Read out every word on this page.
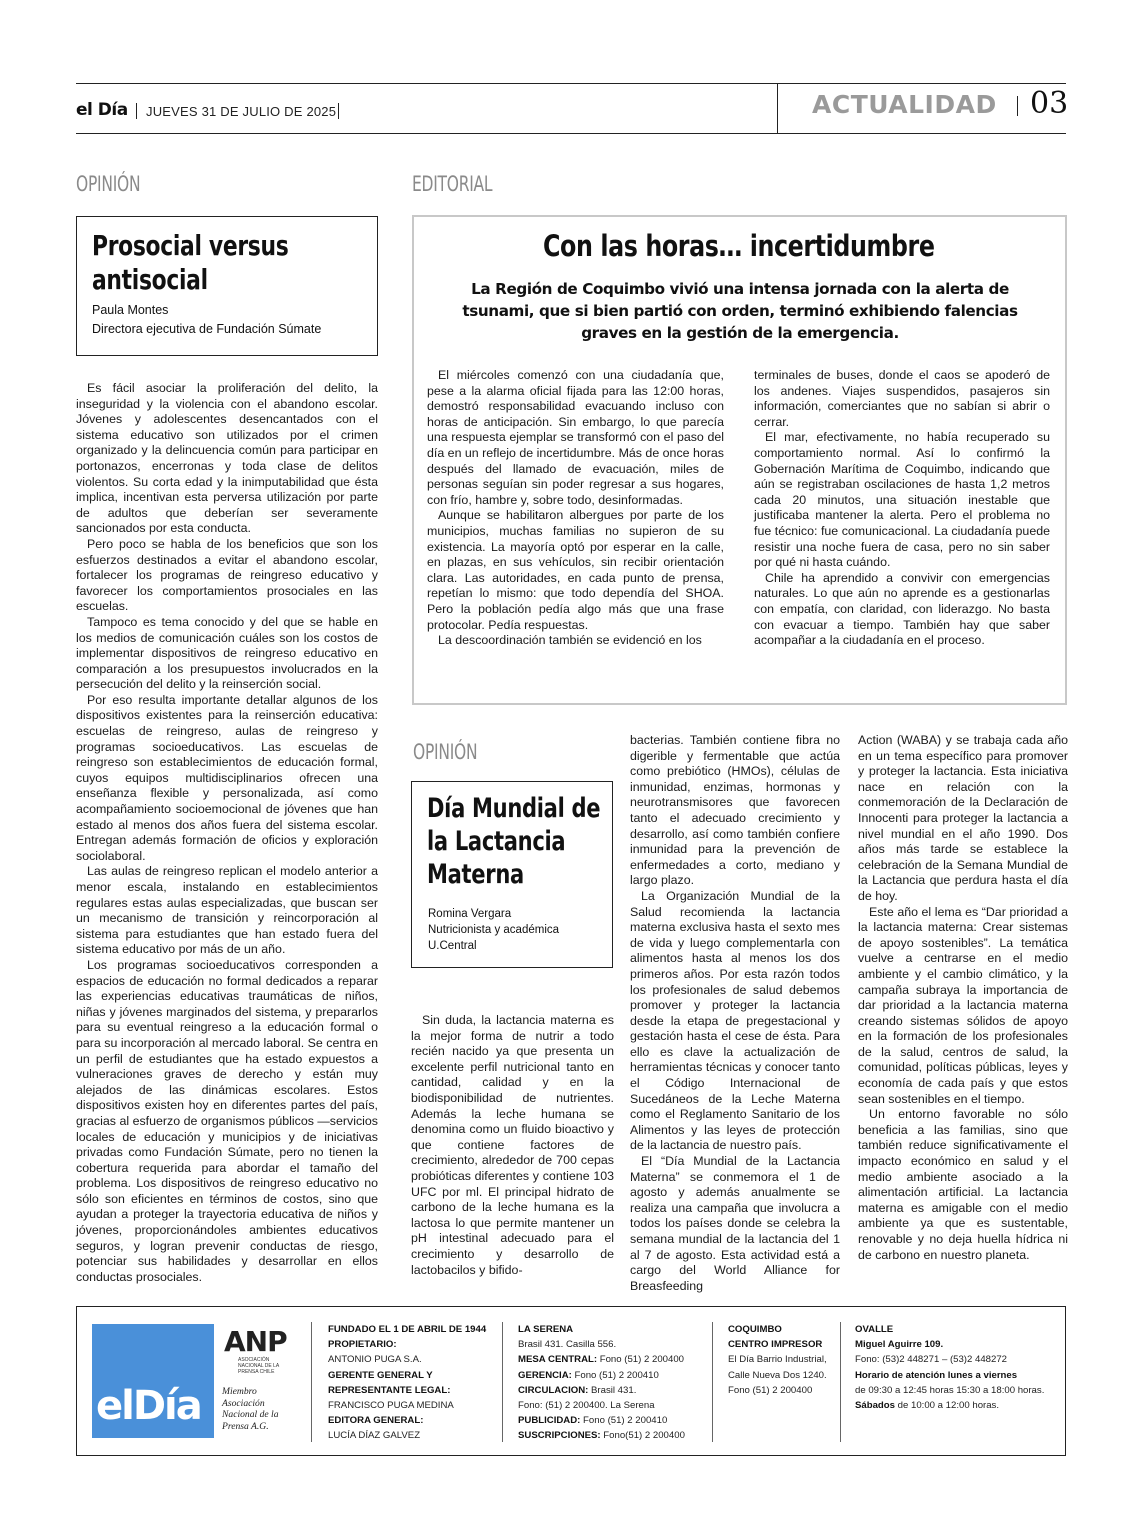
el Día JUEVES 31 DE JULIO DE 2025	ACTUALIDAD 03
OPINIÓN
Prosocial versus antisocial
Paula Montes
Directora ejecutiva de Fundación Súmate

Es fácil asociar la proliferación del delito, la inseguridad y la violencia con el abandono escolar. Jóvenes y adolescentes desencantados con el sistema educativo son utilizados por el crimen organizado y la delincuencia común para participar en portonazos, encerronas y toda clase de delitos violentos. Su corta edad y la inimputabilidad que ésta implica, incentivan esta perversa utilización por parte de adultos que deberían ser severamente sancionados por esta conducta.

Pero poco se habla de los beneficios que son los esfuerzos destinados a evitar el abandono escolar, fortalecer los programas de reingreso educativo y favorecer los comportamientos prosociales en las escuelas.

Tampoco es tema conocido y del que se hable en los medios de comunicación cuáles son los costos de implementar dispositivos de reingreso educativo en comparación a los presupuestos involucrados en la persecución del delito y la reinserción social.

Por eso resulta importante detallar algunos de los dispositivos existentes para la reinserción educativa: escuelas de reingreso, aulas de reingreso y programas socioeducativos. Las escuelas de reingreso son establecimientos de educación formal, cuyos equipos multidisciplinarios ofrecen una enseñanza flexible y personalizada, así como acompañamiento socioemocional de jóvenes que han estado al menos dos años fuera del sistema escolar. Entregan además formación de oficios y exploración sociolaboral.

Las aulas de reingreso replican el modelo anterior a menor escala, instalando en establecimientos regulares estas aulas especializadas, que buscan ser un mecanismo de transición y reincorporación al sistema para estudiantes que han estado fuera del sistema educativo por más de un año.

Los programas socioeducativos corresponden a espacios de educación no formal dedicados a reparar las experiencias educativas traumáticas de niños, niñas y jóvenes marginados del sistema, y prepararlos para su eventual reingreso a la educación formal o para su incorporación al mercado laboral. Se centra en un perfil de estudiantes que ha estado expuestos a vulneraciones graves de derecho y están muy alejados de las dinámicas escolares. Estos dispositivos existen hoy en diferentes partes del país, gracias al esfuerzo de organismos públicos —servicios locales de educación y municipios y de iniciativas privadas como Fundación Súmate, pero no tienen la cobertura requerida para abordar el tamaño del problema. Los dispositivos de reingreso educativo no sólo son eficientes en términos de costos, sino que ayudan a proteger la trayectoria educativa de niños y jóvenes, proporcionándoles ambientes educativos seguros, y logran prevenir conductas de riesgo, potenciar sus habilidades y desarrollar en ellos conductas prosociales.

EDITORIAL
Con las horas… incertidumbre
La Región de Coquimbo vivió una intensa jornada con la alerta de tsunami, que si bien partió con orden, terminó exhibiendo falencias graves en la gestión de la emergencia.

El miércoles comenzó con una ciudadanía que, pese a la alarma oficial fijada para las 12:00 horas, demostró responsabilidad evacuando incluso con horas de anticipación. Sin embargo, lo que parecía una respuesta ejemplar se transformó con el paso del día en un reflejo de incertidumbre. Más de once horas después del llamado de evacuación, miles de personas seguían sin poder regresar a sus hogares, con frío, hambre y, sobre todo, desinformadas.

Aunque se habilitaron albergues por parte de los municipios, muchas familias no supieron de su existencia. La mayoría optó por esperar en la calle, en plazas, en sus vehículos, sin recibir orientación clara. Las autoridades, en cada punto de prensa, repetían lo mismo: que todo dependía del SHOA. Pero la población pedía algo más que una frase protocolar. Pedía respuestas.

La descoordinación también se evidenció en los

terminales de buses, donde el caos se apoderó de los andenes. Viajes suspendidos, pasajeros sin información, comerciantes que no sabían si abrir o cerrar.

El mar, efectivamente, no había recuperado su comportamiento normal. Así lo confirmó la Gobernación Marítima de Coquimbo, indicando que aún se registraban oscilaciones de hasta 1,2 metros cada 20 minutos, una situación inestable que justificaba mantener la alerta. Pero el problema no fue técnico: fue comunicacional. La ciudadanía puede resistir una noche fuera de casa, pero no sin saber por qué ni hasta cuándo.

Chile ha aprendido a convivir con emergencias naturales. Lo que aún no aprende es a gestionarlas con empatía, con claridad, con liderazgo. No basta con evacuar a tiempo. También hay que saber acompañar a la ciudadanía en el proceso.

OPINIÓN
Día Mundial de la Lactancia Materna
Romina Vergara
Nutricionista y académica U.Central

Sin duda, la lactancia materna es la mejor forma de nutrir a todo recién nacido ya que presenta un excelente perfil nutricional tanto en cantidad, calidad y en la biodisponibilidad de nutrientes. Además la leche humana se denomina como un fluido bioactivo y que contiene factores de crecimiento, alrededor de 700 cepas probióticas diferentes y contiene 103 UFC por ml. El principal hidrato de carbono de la leche humana es la lactosa lo que permite mantener un pH intestinal adecuado para el crecimiento y desarrollo de lactobacilos y bifido-

bacterias. También contiene fibra no digerible y fermentable que actúa como prebiótico (HMOs), células de inmunidad, enzimas, hormonas y neurotransmisores que favorecen tanto el adecuado crecimiento y desarrollo, así como también confiere inmunidad para la prevención de enfermedades a corto, mediano y largo plazo.

La Organización Mundial de la Salud recomienda la lactancia materna exclusiva hasta el sexto mes de vida y luego complementarla con alimentos hasta al menos los dos primeros años. Por esta razón todos los profesionales de salud debemos promover y proteger la lactancia desde la etapa de pregestacional y gestación hasta el cese de ésta. Para ello es clave la actualización de herramientas técnicas y conocer tanto el Código Internacional de Sucedáneos de la Leche Materna como el Reglamento Sanitario de los Alimentos y las leyes de protección de la lactancia de nuestro país.

El “Día Mundial de la Lactancia Materna” se conmemora el 1 de agosto y además anualmente se realiza una campaña que involucra a todos los países donde se celebra la semana mundial de la lactancia del 1 al 7 de agosto. Esta actividad está a cargo del World Alliance for Breasfeeding

Action (WABA) y se trabaja cada año en un tema específico para promover y proteger la lactancia. Esta iniciativa nace en relación con la conmemoración de la Declaración de Innocenti para proteger la lactancia a nivel mundial en el año 1990. Dos años más tarde se establece la celebración de la Semana Mundial de la Lactancia que perdura hasta el día de hoy.

Este año el lema es “Dar prioridad a la lactancia materna: Crear sistemas de apoyo sostenibles”. La temática vuelve a centrarse en el medio ambiente y el cambio climático, y la campaña subraya la importancia de dar prioridad a la lactancia materna creando sistemas sólidos de apoyo en la formación de los profesionales de la salud, centros de salud, la comunidad, políticas públicas, leyes y economía de cada país y que estos sean sostenibles en el tiempo.

Un entorno favorable no sólo beneficia a las familias, sino que también reduce significativamente el impacto económico en salud y el medio ambiente asociado a la alimentación artificial. La lactancia materna es amigable con el medio ambiente ya que es sustentable, renovable y no deja huella hídrica ni de carbono en nuestro planeta.

elDía
ANP
ASOCIACIÓN NACIONAL DE LA PRENSA CHILE
Miembro Asociación Nacional de la Prensa A.G.
FUNDADO EL 1 DE ABRIL DE 1944
PROPIETARIO:
ANTONIO PUGA S.A.
GERENTE GENERAL Y REPRESENTANTE LEGAL:
FRANCISCO PUGA MEDINA
EDITORA GENERAL:
LUCÍA DÍAZ GALVEZ
LA SERENA
Brasil 431. Casilla 556.
MESA CENTRAL: Fono (51) 2 200400
GERENCIA: Fono (51) 2 200410
CIRCULACION: Brasil 431.
Fono: (51) 2 200400. La Serena
PUBLICIDAD: Fono (51) 2 200410
SUSCRIPCIONES: Fono(51) 2 200400
COQUIMBO
CENTRO IMPRESOR
El Día Barrio Industrial,
Calle Nueva Dos 1240.
Fono (51) 2 200400
OVALLE
Miguel Aguirre 109.
Fono: (53)2 448271 – (53)2 448272
Horario de atención lunes a viernes
de 09:30 a 12:45 horas 15:30 a 18:00 horas.
Sábados de 10:00 a 12:00 horas.
